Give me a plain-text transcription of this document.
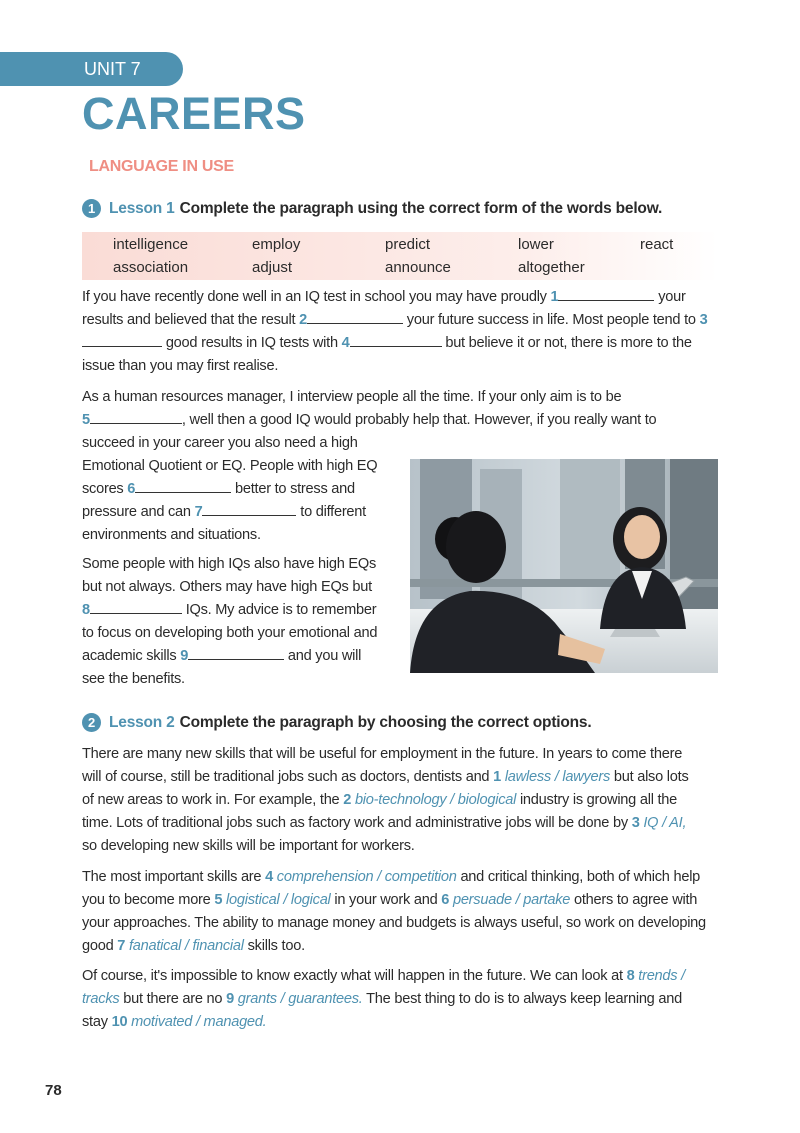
UNIT 7
CAREERS
LANGUAGE IN USE
1 Lesson 1 Complete the paragraph using the correct form of the words below.
intelligence	employ	predict	lower	react
association	adjust	announce	altogether
If you have recently done well in an IQ test in school you may have proudly 1	your results and believed that the result 2	your future success in life. Most people tend to 3 good results in IQ tests with 4	but believe it or not, there is more to the issue than you may first realise.
As a human resources manager, I interview people all the time. If your only aim is to be
5	, well then a good IQ would probably help that. However, if you really want to
succeed in your career you also need a high
Emotional Quotient or EQ. People with high EQ
scores 6	better to stress and
pressure and can 7	to different
environments and situations.
Some people with high IQs also have high EQs
but not always. Others may have high EQs but
8	IQs. My advice is to remember
to focus on developing both your emotional and
academic skills 9	and you will
see the benefits.
2 Lesson 2 Complete the paragraph by choosing the correct options.
There are many new skills that will be useful for employment in the future. In years to come there
will of course, still be traditional jobs such as doctors, dentists and 1 lawless / lawyers but also lots
of new areas to work in. For example, the 2 bio-technology / biological industry is growing all the
time. Lots of traditional jobs such as factory work and administrative jobs will be done by 3 IQ / AI,
so developing new skills will be important for workers.
The most important skills are 4 comprehension / competition and critical thinking, both of which help
you to become more 5 logistical / logical in your work and 6 persuade / partake others to agree with
your approaches. The ability to manage money and budgets is always useful, so work on developing
good 7 fanatical / financial skills too.
Of course, it's impossible to know exactly what will happen in the future. We can look at 8 trends /
tracks but there are no 9 grants / guarantees. The best thing to do is to always keep learning and
stay 10 motivated / managed.
78
